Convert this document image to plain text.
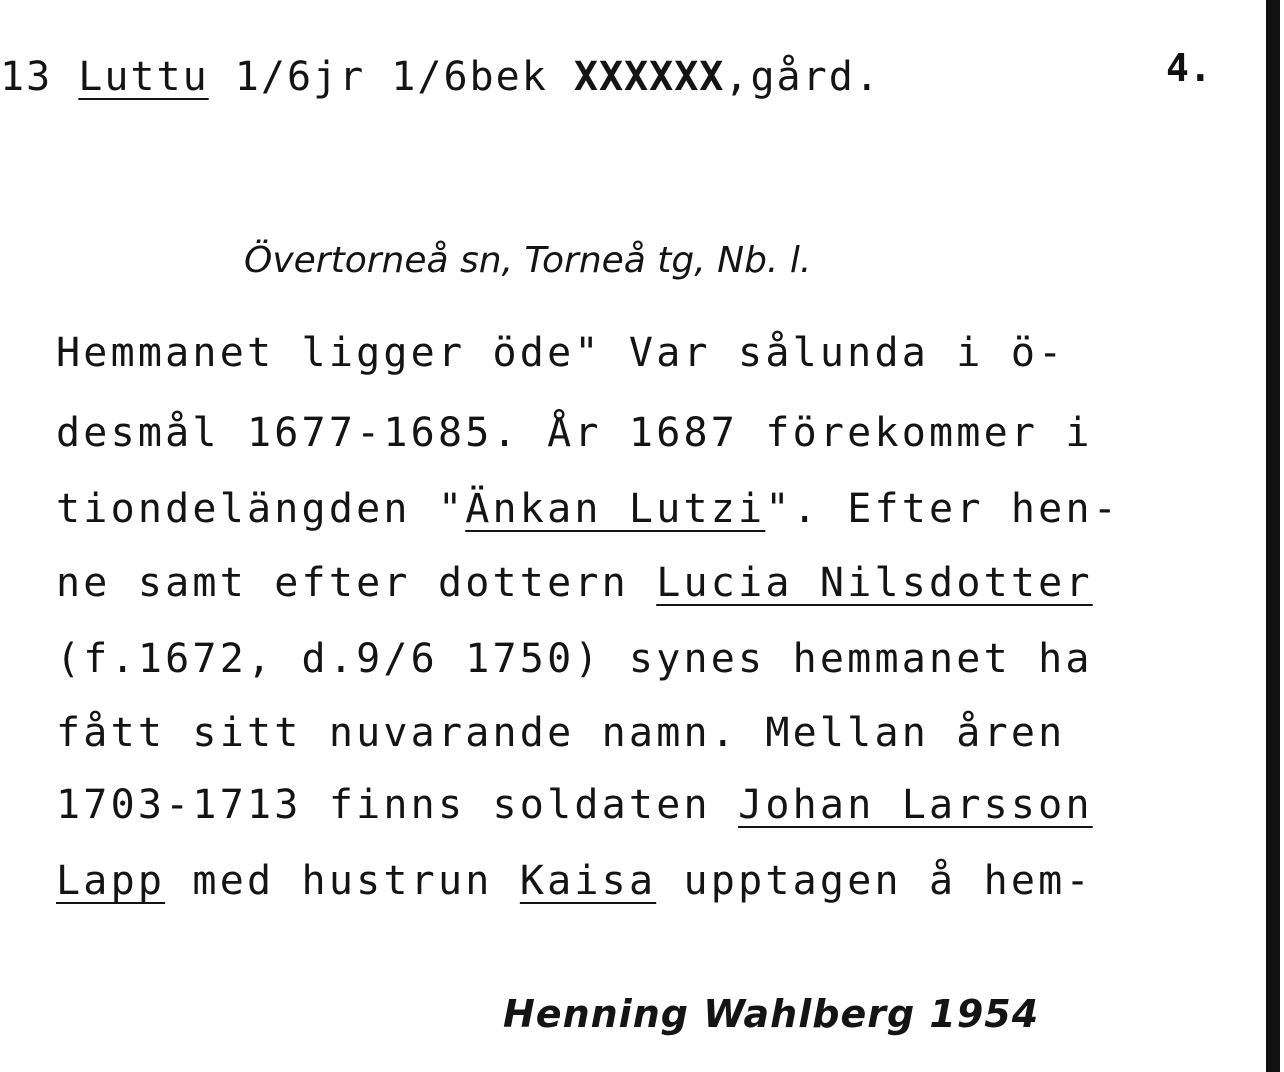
13 Luttu 1/6jr 1/6bek XXXXXX,gård.	4.
Övertorneå sn, Torneå tg, Nb. l.
Hemmanet ligger öde" Var sålunda i ö-
desmål 1677-1685. År 1687 förekommer i
tiondelängden "Änkan Lutzi". Efter hen-
ne samt efter dottern Lucia Nilsdotter
(f.1672, d.9/6 1750) synes hemmanet ha
fått sitt nuvarande namn. Mellan åren
1703-1713 finns soldaten Johan Larsson
Lapp med hustrun Kaisa upptagen å hem-
Henning Wahlberg 1954
